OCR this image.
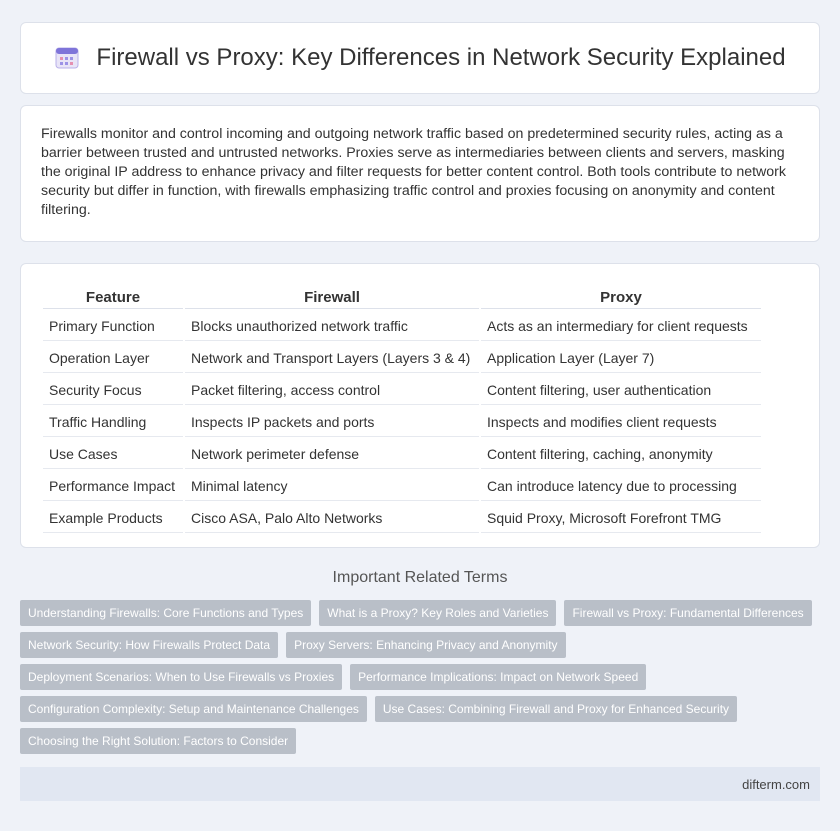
Firewall vs Proxy: Key Differences in Network Security Explained

Firewalls monitor and control incoming and outgoing network traffic based on predetermined security rules, acting as a barrier between trusted and untrusted networks. Proxies serve as intermediaries between clients and servers, masking the original IP address to enhance privacy and filter requests for better content control. Both tools contribute to network security but differ in function, with firewalls emphasizing traffic control and proxies focusing on anonymity and content filtering.

Feature	Firewall	Proxy
Primary Function	Blocks unauthorized network traffic	Acts as an intermediary for client requests
Operation Layer	Network and Transport Layers (Layers 3 & 4)	Application Layer (Layer 7)
Security Focus	Packet filtering, access control	Content filtering, user authentication
Traffic Handling	Inspects IP packets and ports	Inspects and modifies client requests
Use Cases	Network perimeter defense	Content filtering, caching, anonymity
Performance Impact	Minimal latency	Can introduce latency due to processing
Example Products	Cisco ASA, Palo Alto Networks	Squid Proxy, Microsoft Forefront TMG
Important Related Terms
Understanding Firewalls: Core Functions and Types	What is a Proxy? Key Roles and Varieties	Firewall vs Proxy: Fundamental Differences
Network Security: How Firewalls Protect Data	Proxy Servers: Enhancing Privacy and Anonymity
Deployment Scenarios: When to Use Firewalls vs Proxies	Performance Implications: Impact on Network Speed
Configuration Complexity: Setup and Maintenance Challenges	Use Cases: Combining Firewall and Proxy for Enhanced Security
Choosing the Right Solution: Factors to Consider
difterm.com
